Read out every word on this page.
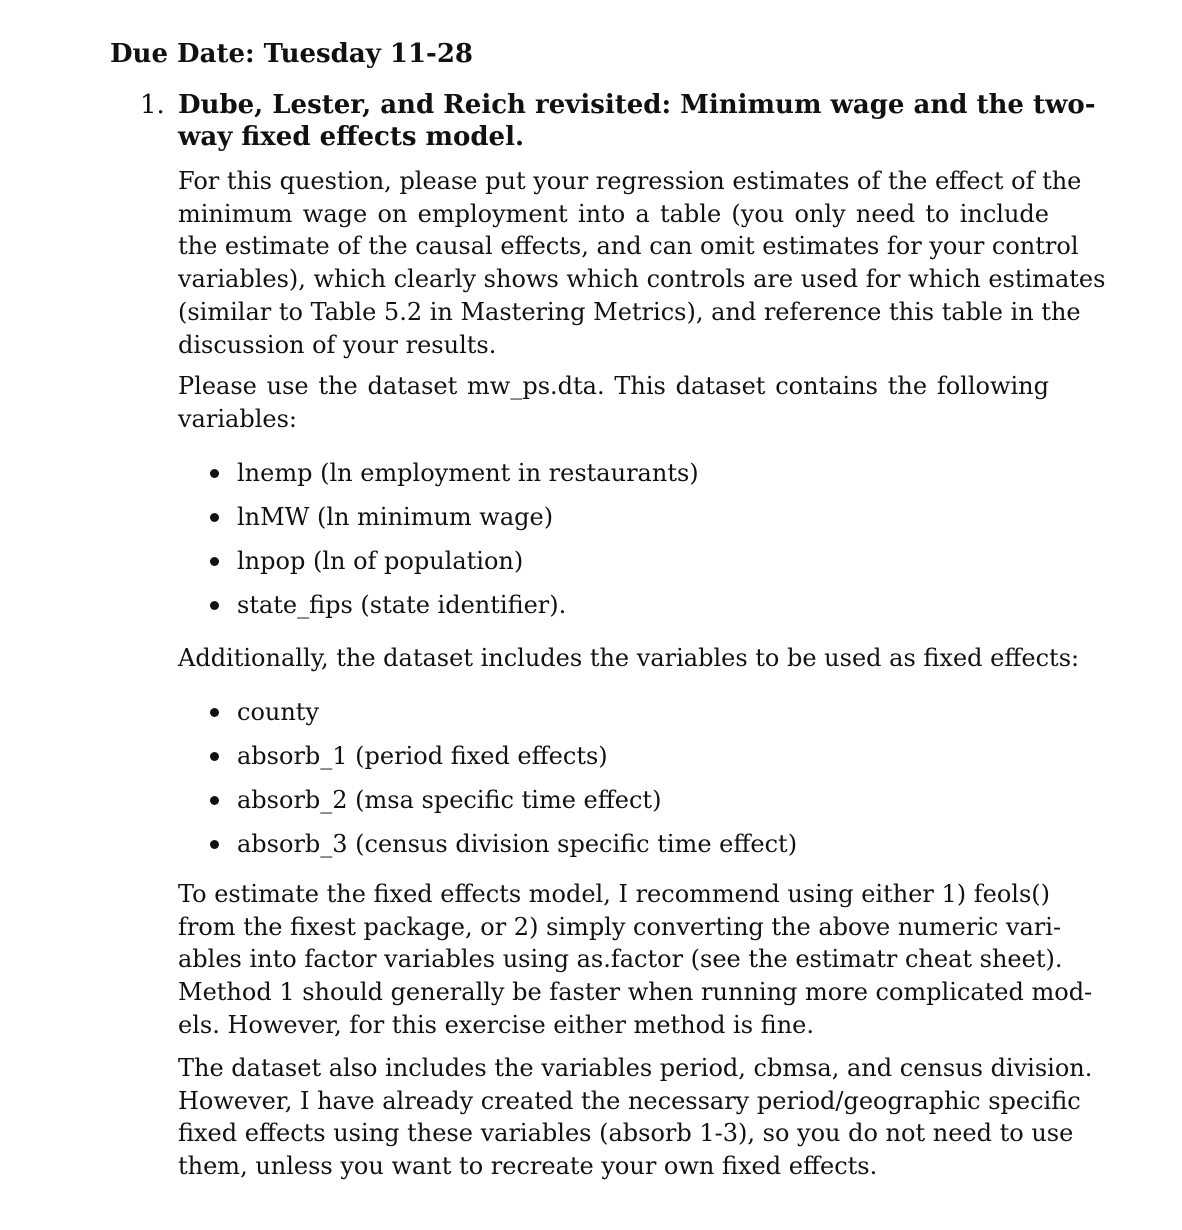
Due Date: Tuesday 11-28
1. Dube, Lester, and Reich revisited: Minimum wage and the two-
way fixed effects model.
For this question, please put your regression estimates of the effect of the
minimum wage on employment into a table (you only need to include
the estimate of the causal effects, and can omit estimates for your control
variables), which clearly shows which controls are used for which estimates
(similar to Table 5.2 in Mastering Metrics), and reference this table in the
discussion of your results.
Please use the dataset mw_ps.dta. This dataset contains the following
variables:
lnemp (ln employment in restaurants)
lnMW (ln minimum wage)
lnpop (ln of population)
state_fips (state identifier).
Additionally, the dataset includes the variables to be used as fixed effects:
county
absorb_1 (period fixed effects)
absorb_2 (msa specific time effect)
absorb_3 (census division specific time effect)
To estimate the fixed effects model, I recommend using either 1) feols()
from the fixest package, or 2) simply converting the above numeric vari-
ables into factor variables using as.factor (see the estimatr cheat sheet).
Method 1 should generally be faster when running more complicated mod-
els. However, for this exercise either method is fine.
The dataset also includes the variables period, cbmsa, and census division.
However, I have already created the necessary period/geographic specific
fixed effects using these variables (absorb 1-3), so you do not need to use
them, unless you want to recreate your own fixed effects.
